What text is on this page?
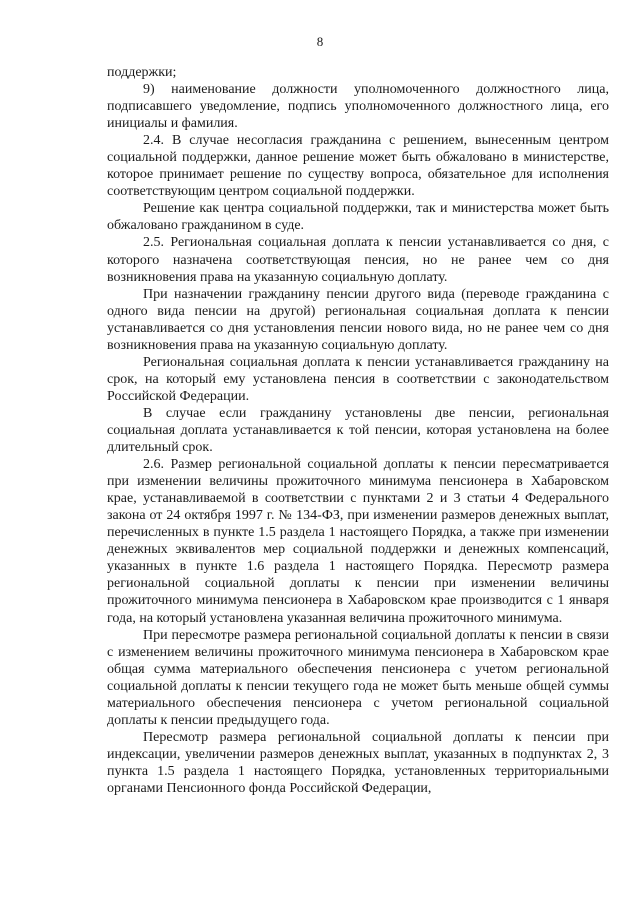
8

поддержки;

9) наименование должности уполномоченного должностного лица, подписавшего уведомление, подпись уполномоченного должностного лица, его инициалы и фамилия.

2.4. В случае несогласия гражданина с решением, вынесенным центром социальной поддержки, данное решение может быть обжаловано в министерстве, которое принимает решение по существу вопроса, обязательное для исполнения соответствующим центром социальной поддержки.

Решение как центра социальной поддержки, так и министерства может быть обжаловано гражданином в суде.

2.5. Региональная социальная доплата к пенсии устанавливается со дня, с которого назначена соответствующая пенсия, но не ранее чем со дня возникновения права на указанную социальную доплату.

При назначении гражданину пенсии другого вида (переводе гражданина с одного вида пенсии на другой) региональная социальная доплата к пенсии устанавливается со дня установления пенсии нового вида, но не ранее чем со дня возникновения права на указанную социальную доплату.

Региональная социальная доплата к пенсии устанавливается гражданину на срок, на который ему установлена пенсия в соответствии с законодательством Российской Федерации.

В случае если гражданину установлены две пенсии, региональная социальная доплата устанавливается к той пенсии, которая установлена на более длительный срок.

2.6. Размер региональной социальной доплаты к пенсии пересматривается при изменении величины прожиточного минимума пенсионера в Хабаровском крае, устанавливаемой в соответствии с пунктами 2 и 3 статьи 4 Федерального закона от 24 октября 1997 г. № 134-ФЗ, при изменении размеров денежных выплат, перечисленных в пункте 1.5 раздела 1 настоящего Порядка, а также при изменении денежных эквивалентов мер социальной поддержки и денежных компенсаций, указанных в пункте 1.6 раздела 1 настоящего Порядка. Пересмотр размера региональной социальной доплаты к пенсии при изменении величины прожиточного минимума пенсионера в Хабаровском крае производится с 1 января года, на который установлена указанная величина прожиточного минимума.

При пересмотре размера региональной социальной доплаты к пенсии в связи с изменением величины прожиточного минимума пенсионера в Хабаровском крае общая сумма материального обеспечения пенсионера с учетом региональной социальной доплаты к пенсии текущего года не может быть меньше общей суммы материального обеспечения пенсионера с учетом региональной социальной доплаты к пенсии предыдущего года.

Пересмотр размера региональной социальной доплаты к пенсии при индексации, увеличении размеров денежных выплат, указанных в подпунктах 2, 3 пункта 1.5 раздела 1 настоящего Порядка, установленных территориальными органами Пенсионного фонда Российской Федерации,
